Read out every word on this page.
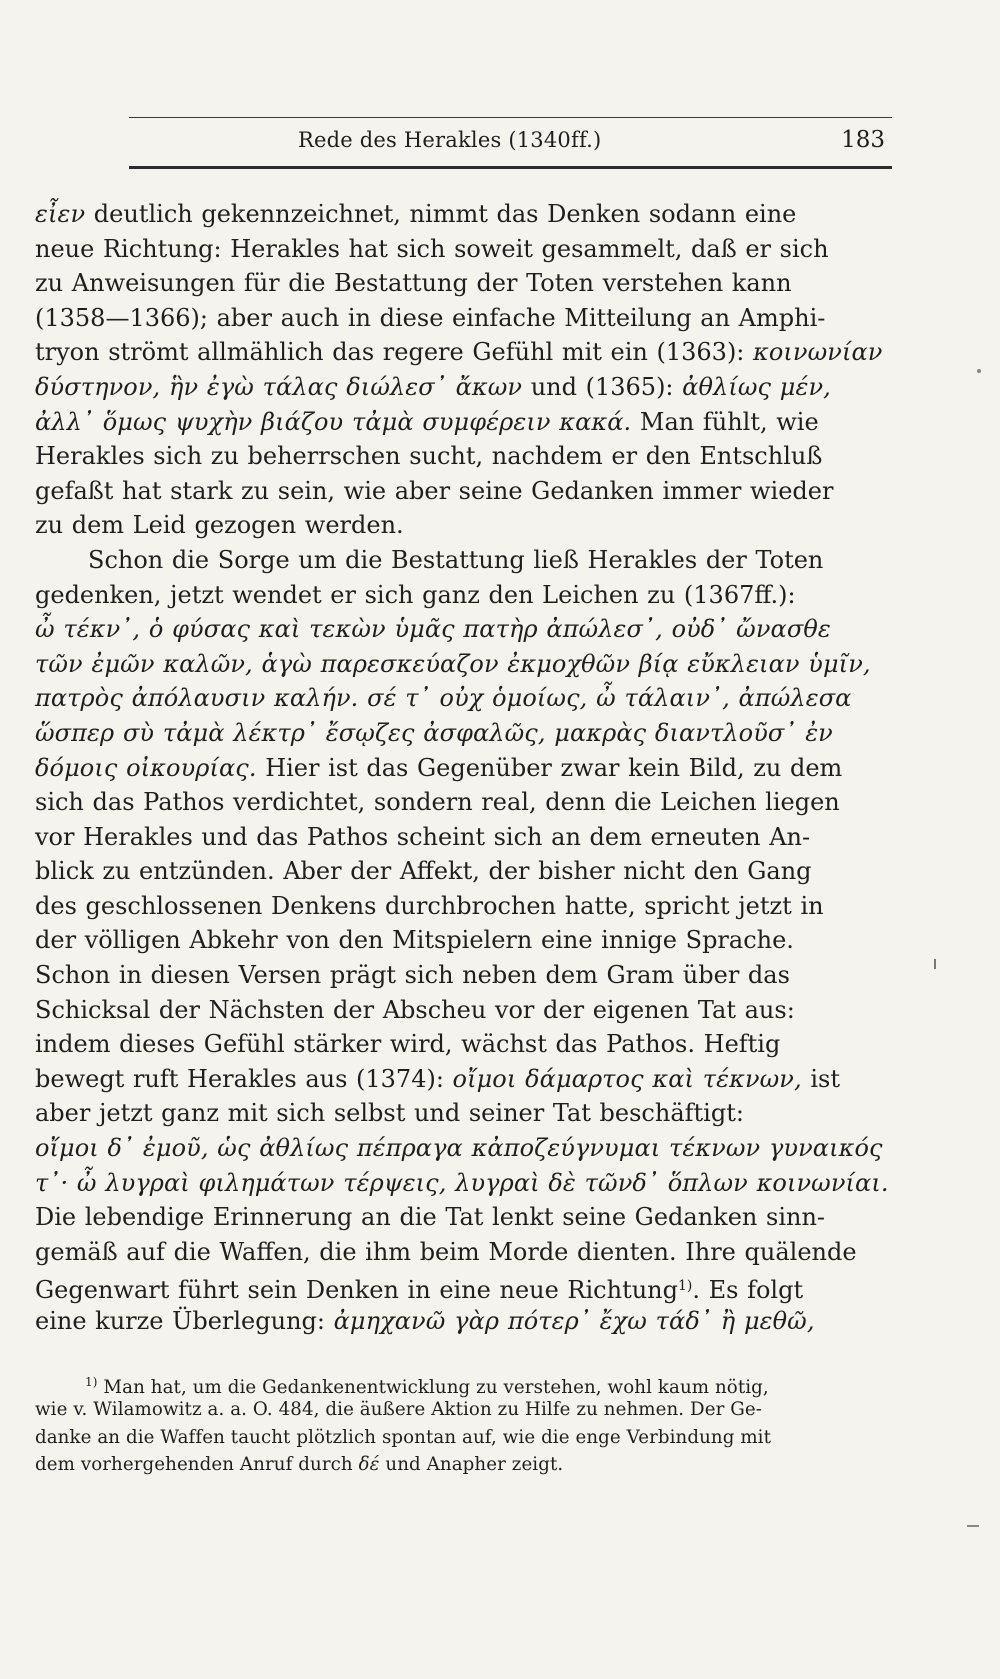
Rede des Herakles (1340ff.)	183
εἶεν deutlich gekennzeichnet, nimmt das Denken sodann eine
neue Richtung: Herakles hat sich soweit gesammelt, daß er sich
zu Anweisungen für die Bestattung der Toten verstehen kann
(1358—1366); aber auch in diese einfache Mitteilung an Amphi-
tryon strömt allmählich das regere Gefühl mit ein (1363): κοινωνίαν
δύστηνον, ἣν ἐγὼ τάλας διώλεσ᾽ ἄκων und (1365): ἀθλίως μέν,
ἀλλ᾽ ὅμως ψυχὴν βιάζου τἀμὰ συμφέρειν κακά. Man fühlt, wie
Herakles sich zu beherrschen sucht, nachdem er den Entschluß
gefaßt hat stark zu sein, wie aber seine Gedanken immer wieder
zu dem Leid gezogen werden.
Schon die Sorge um die Bestattung ließ Herakles der Toten
gedenken, jetzt wendet er sich ganz den Leichen zu (1367ff.):
ὦ τέκν᾽, ὁ φύσας καὶ τεκὼν ὑμᾶς πατὴρ ἀπώλεσ᾽, οὐδ᾽ ὤνασθε
τῶν ἐμῶν καλῶν, ἁγὼ παρεσκεύαζον ἐκμοχθῶν βίᾳ εὔκλειαν ὑμῖν,
πατρὸς ἀπόλαυσιν καλήν. σέ τ᾽ οὐχ ὁμοίως, ὦ τάλαιν᾽, ἀπώλεσα
ὥσπερ σὺ τἀμὰ λέκτρ᾽ ἔσῳζες ἀσφαλῶς, μακρὰς διαντλοῦσ᾽ ἐν
δόμοις οἰκουρίας. Hier ist das Gegenüber zwar kein Bild, zu dem
sich das Pathos verdichtet, sondern real, denn die Leichen liegen
vor Herakles und das Pathos scheint sich an dem erneuten An-
blick zu entzünden. Aber der Affekt, der bisher nicht den Gang
des geschlossenen Denkens durchbrochen hatte, spricht jetzt in
der völligen Abkehr von den Mitspielern eine innige Sprache.
Schon in diesen Versen prägt sich neben dem Gram über das
Schicksal der Nächsten der Abscheu vor der eigenen Tat aus:
indem dieses Gefühl stärker wird, wächst das Pathos. Heftig
bewegt ruft Herakles aus (1374): οἴμοι δάμαρτος καὶ τέκνων, ist
aber jetzt ganz mit sich selbst und seiner Tat beschäftigt:
οἴμοι δ᾽ ἐμοῦ, ὡς ἀθλίως πέπραγα κἀποζεύγνυμαι τέκνων γυναικός
τ᾽· ὦ λυγραὶ φιλημάτων τέρψεις, λυγραὶ δὲ τῶνδ᾽ ὅπλων κοινωνίαι.
Die lebendige Erinnerung an die Tat lenkt seine Gedanken sinn-
gemäß auf die Waffen, die ihm beim Morde dienten. Ihre quälende
Gegenwart führt sein Denken in eine neue Richtung$^{1)}$. Es folgt
eine kurze Überlegung: ἀμηχανῶ γὰρ πότερ᾽ ἔχω τάδ᾽ ἢ μεθῶ,
$^{1)}$ Man hat, um die Gedankenentwicklung zu verstehen, wohl kaum nötig,
wie v. Wilamowitz a. a. O. 484, die äußere Aktion zu Hilfe zu nehmen. Der Ge-
danke an die Waffen taucht plötzlich spontan auf, wie die enge Verbindung mit
dem vorhergehenden Anruf durch δέ und Anapher zeigt.
